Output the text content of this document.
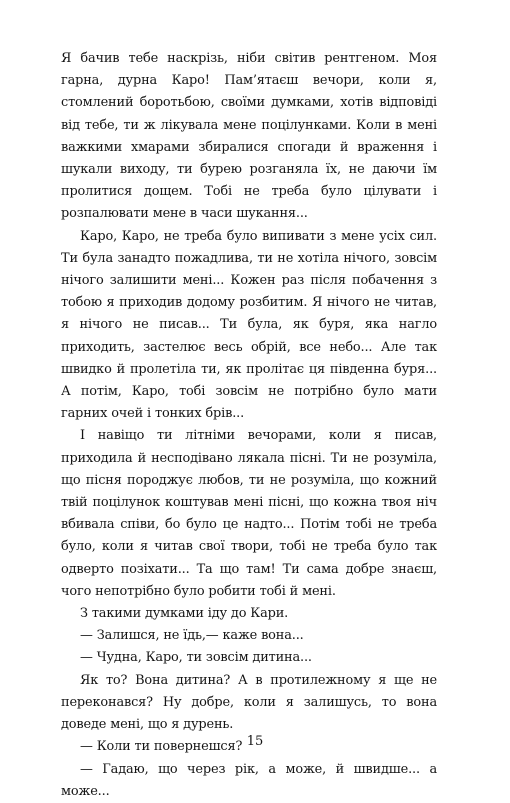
Я бачив тебе наскрізь, ніби світив рентгеном. Моя гарна, дурна Каро! Пам’ятаєш вечори, коли я, стомлений боротьбою, своїми думками, хотів відповіді від тебе, ти ж лікувала мене поцілунками. Коли в мені важкими хмарами збиралися спогади й враження і шукали виходу, ти бурею розганяла їх, не даючи їм пролитися дощем. Тобі не треба було цілувати і розпалювати мене в часи шукання...

Каро, Каро, не треба було випивати з мене усіх сил. Ти була занадто пожадлива, ти не хотіла нічого, зовсім нічого залишити мені... Кожен раз після побачення з тобою я приходив додому розбитим. Я нічого не читав, я нічого не писав... Ти була, як буря, яка нагло приходить, застелює весь обрій, все небо... Але так швидко й пролетіла ти, як пролітає ця південна буря... А потім, Каро, тобі зовсім не потрібно було мати гарних очей і тонких брів...

І навіщо ти літніми вечорами, коли я писав, приходила й несподівано лякала пісні. Ти не розуміла, що пісня породжує любов, ти не розуміла, що кожний твій поцілунок коштував мені пісні, що кожна твоя ніч вбивала співи, бо було це надто... Потім тобі не треба було, коли я читав свої твори, тобі не треба було так одверто позіхати... Та що там! Ти сама добре знаєш, чого непотрібно було робити тобі й мені.

З такими думками іду до Кари.

— Залишся, не їдь,— каже вона...

— Чудна, Каро, ти зовсім дитина...

Як то? Вона дитина? А в протилежному я ще не переконався? Ну добре, коли я залишусь, то вона доведе мені, що я дурень.

— Коли ти повернешся?

— Гадаю, що через рік, а може, й швидше... а може...

15
